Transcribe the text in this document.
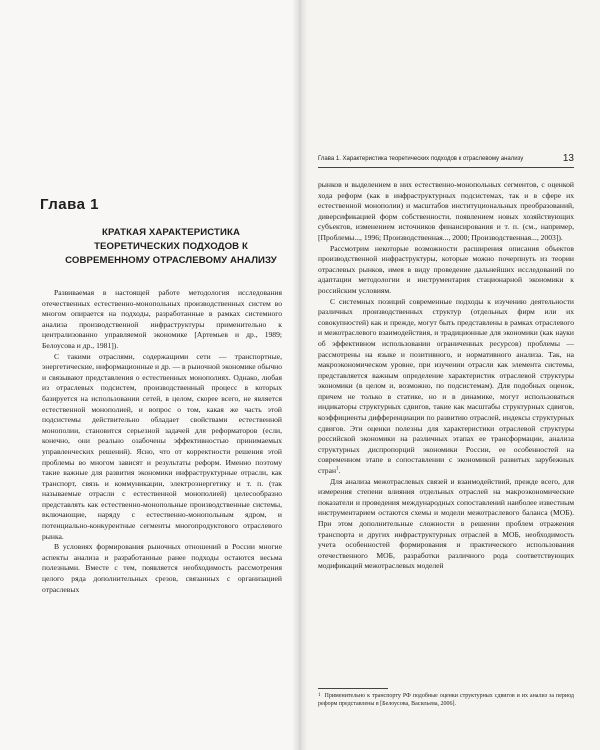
Глава 1
КРАТКАЯ ХАРАКТЕРИСТИКА ТЕОРЕТИЧЕСКИХ ПОДХОДОВ К СОВРЕМЕННОМУ ОТРАСЛЕВОМУ АНАЛИЗУ

Развиваемая в настоящей работе методология исследования отечественных естественно-монопольных производственных систем во многом опирается на подходы, разработанные в рамках системного анализа производственной инфраструктуры применительно к централизованно управляемой экономике [Артемьев и др., 1989; Белоусова и др., 1981]).

С такими отраслями, содержащими сети — транспортные, энергетические, информационные и др. — в рыночной экономике обычно и связывают представления о естественных монополиях. Однако, любая из отраслевых подсистем, производственный процесс в которых базируется на использовании сетей, в целом, скорее всего, не является естественной монополией, и вопрос о том, какая же часть этой подсистемы действительно обладает свойствами естественной монополии, становится серьезной задачей для реформаторов (если, конечно, они реально озабочены эффективностью принимаемых управленческих решений). Ясно, что от корректности решения этой проблемы во многом зависят и результаты реформ. Именно поэтому такие важные для развития экономики инфраструктурные отрасли, как транспорт, связь и коммуникации, электроэнергетику и т. п. (так называемые отрасли с естественной монополией) целесообразно представлять как естественно-монопольные производственные системы, включающие, наряду с естественно-монопольным ядром, и потенциально-конкурентные сегменты многопродуктового отраслевого рынка.

В условиях формирования рыночных отношений в России многие аспекты анализа и разработанные ранее подходы остаются весьма полезными. Вместе с тем, появляется необходимость рассмотрения целого ряда дополнительных срезов, связанных с организацией отраслевых

Глава 1. Характеристика теоретических подходов к отраслевому анализу	13

рынков и выделением в них естественно-монопольных сегментов, с оценкой хода реформ (как в инфраструктурных подсистемах, так и в сфере их естественной монополии) и масштабов институциональных преобразований, диверсификацией форм собственности, появлением новых хозяйствующих субъектов, изменением источников финансирования и т. п. (см., например, [Проблемы..., 1996; Производственная..., 2000; Производственная..., 2003]).

Рассмотрим некоторые возможности расширения описания объектов производственной инфраструктуры, которые можно почерпнуть из теории отраслевых рынков, имея в виду проведение дальнейших исследований по адаптации методологии и инструментария стационарной экономики к российским условиям.

С системных позиций современные подходы к изучению деятельности различных производственных структур (отдельных фирм или их совокупностей) как и прежде, могут быть представлены в рамках отраслевого и межотраслевого взаимодействия, и традиционные для экономики (как науки об эффективном использовании ограниченных ресурсов) проблемы — рассмотрены на языке и позитивного, и нормативного анализа. Так, на макроэкономическом уровне, при изучении отрасли как элемента системы, представляется важным определение характеристик отраслевой структуры экономики (в целом и, возможно, по подсистемам). Для подобных оценок, причем не только в статике, но и в динамике, могут использоваться индикаторы структурных сдвигов, такие как масштабы структурных сдвигов, коэффициенты дифференциации по развитию отраслей, индексы структурных сдвигов. Эти оценки полезны для характеристики отраслевой структуры российской экономики на различных этапах ее трансформации, анализа структурных диспропорций экономики России, ее особенностей на современном этапе в сопоставлении с экономикой развитых зарубежных стран$^1$.

Для анализа межотраслевых связей и взаимодействий, прежде всего, для измерения степени влияния отдельных отраслей на макроэкономические показатели и проведения международных сопоставлений наиболее известным инструментарием остаются схемы и модели межотраслевого баланса (МОБ). При этом дополнительные сложности в решении проблем отражения транспорта и других инфраструктурных отраслей в МОБ, необходимость учета особенностей формирования и практического использования отечественного МОБ, разработки различного рода соответствующих модификаций межотраслевых моделей

$^1$ Применительно к транспорту РФ подобные оценки структурных сдвигов и их анализ за период реформ представлены в [Белоусова, Васильева, 2006].
